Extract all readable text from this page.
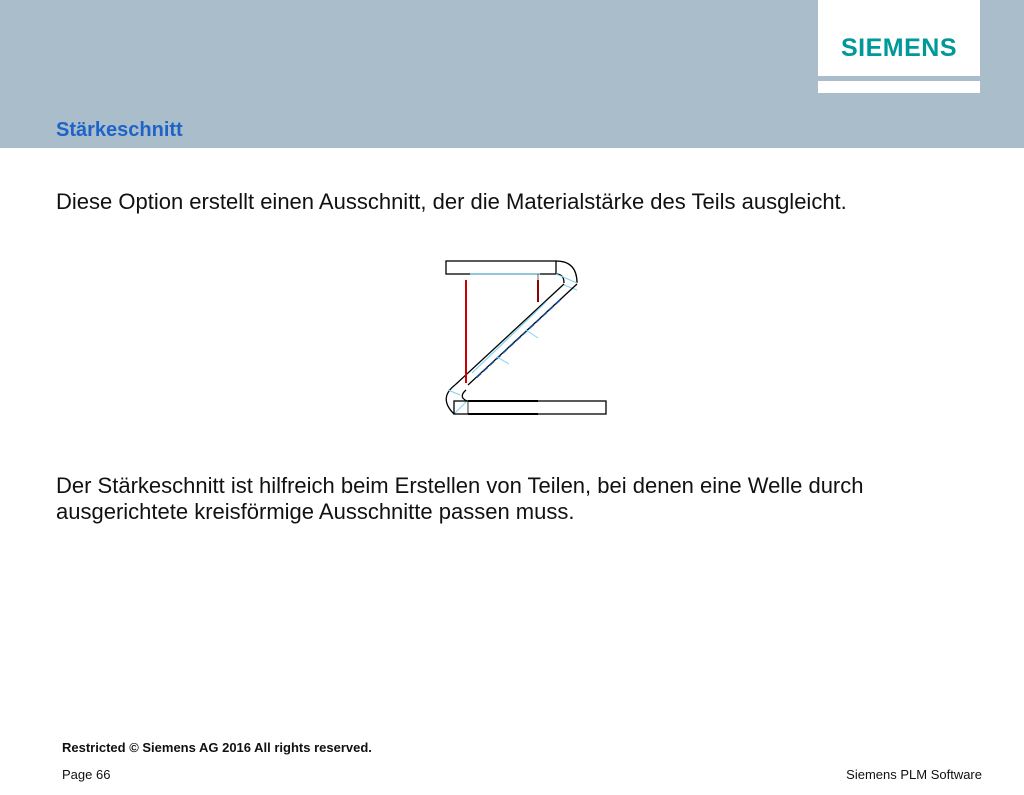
SIEMENS
Stärkeschnitt
Diese Option erstellt einen Ausschnitt, der die Materialstärke des Teils ausgleicht.
Der Stärkeschnitt ist hilfreich beim Erstellen von Teilen, bei denen eine Welle durch ausgerichtete kreisförmige Ausschnitte passen muss.
Restricted © Siemens AG 2016 All rights reserved.
Page 66	Siemens PLM Software
